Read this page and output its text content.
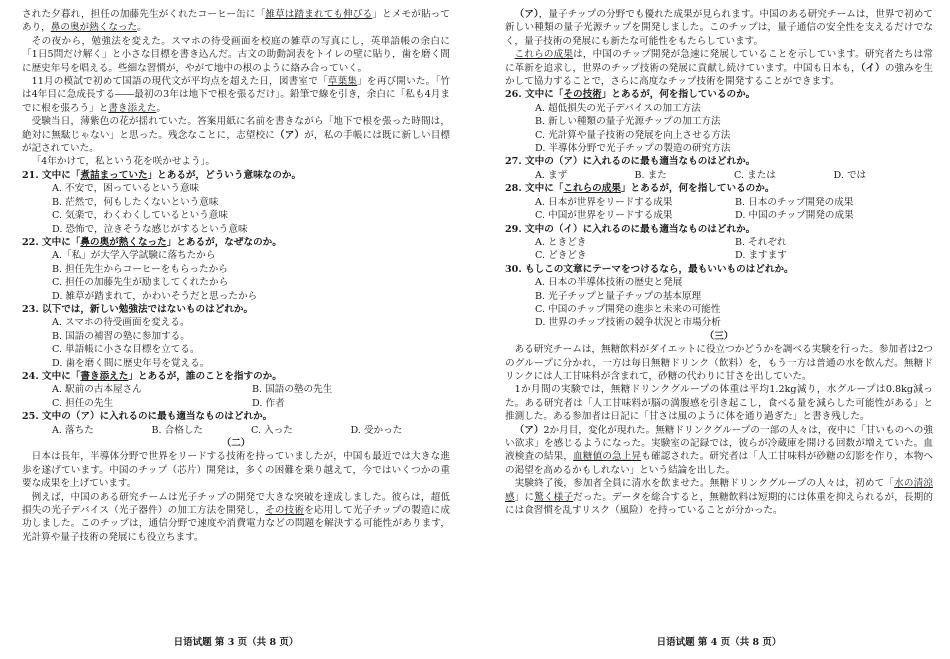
された夕暮れ，担任の加藤先生がくれたコーヒー缶に「雑草は踏まれても伸びる」とメモが貼ってあり，鼻の奥が熱くなった。

その夜から，勉強法を変えた。スマホの待受画面を校庭の雑草の写真にし，英単語帳の余白に「1日5問だけ解く」と小さな目標を書き込んだ。古文の助動詞表をトイレの壁に貼り，歯を磨く間に歴史年号を唱える。些細な習慣が，やがて地中の根のように絡み合っていく。

11月の模試で初めて国語の現代文が平均点を超えた日，図書室で「草葉集」を再び開いた。「竹は4年目に急成長する――最初の3年は地下で根を張るだけ」。鉛筆で線を引き，余白に「私も4月までに根を張ろう」と書き添えた。

受験当日，薄紫色の花が揺れていた。答案用紙に名前を書きながら「地下で根を張った時間は，絶対に無駄じゃない」と思った。残念なことに，志望校に（ア）が，私の手帳には既に新しい目標が記されていた。

「4年かけて，私という花を咲かせよう」。

21. 文中に「煮詰まっていた」とあるが，どういう意味なのか。
A. 不安で，困っているという意味
B. 茫然で，何もしたくないという意味
C. 気楽で，わくわくしているという意味
D. 恐怖で，泣きそうな感じがするという意味
22. 文中に「鼻の奥が熱くなった」とあるが，なぜなのか。
A.「私」が大学入学試験に落ちたから
B. 担任先生からコーヒーをもらったから
C. 担任の加藤先生が励ましてくれたから
D. 雑草が踏まれて，かわいそうだと思ったから
23. 以下では，新しい勉強法ではないものはどれか。
A. スマホの待受画面を変える。
B. 国語の補習の塾に参加する。
C. 単語帳に小さな目標を立てる。
D. 歯を磨く間に歴史年号を覚える。
24. 文中に「書き添えた」とあるが，誰のことを指すのか。
A. 駅前の古本屋さん	B. 国語の塾の先生
C. 担任の先生	D. 作者
25. 文中の（ア）に入れるのに最も適当なものはどれか。
A. 落ちた	B. 合格した	C. 入った	D. 受かった
（二）

日本は長年，半導体分野で世界をリードする技術を持っていましたが，中国も最近では大きな進歩を遂げています。中国のチップ（芯片）開発は，多くの困難を乗り越えて，今ではいくつかの重要な成果を上げています。

例えば，中国のある研究チームは光子チップの開発で大きな突破を達成しました。彼らは，超低損失の光子デバイス（光子器件）の加工方法を開発し，その技術を応用して光子チップの製造に成功しました。このチップは，通信分野で速度や消費電力などの問題を解決する可能性があります，光計算や量子技術の発展にも役立ちます。

（ア），量子チップの分野でも優れた成果が見られます。中国のある研究チームは，世界で初めて新しい種類の量子光源チップを開発しました。このチップは，量子通信の安全性を支えるだけでなく，量子技術の発展にも新たな可能性をもたらしています。

これらの成果は，中国のチップ開発が急速に発展していることを示しています。研究者たちは常に革新を追求し，世界のチップ技術の発展に貢献し続けています。中国も日本も，（イ）の強みを生かして協力することで，さらに高度なチップ技術を開発することができます。

26. 文中に「その技術」とあるが，何を指しているのか。
A. 超低損失の光子デバイスの加工方法
B. 新しい種類の量子光源チップの加工方法
C. 光計算や量子技術の発展を向上させる方法
D. 半導体分野で光子チップの製造の研究方法
27. 文中の（ア）に入れるのに最も適当なものはどれか。
A. まず	B. また	C. または	D. では
28. 文中に「これらの成果」とあるが，何を指しているのか。
A. 日本が世界をリードする成果	B. 日本のチップ開発の成果
C. 中国が世界をリードする成果	D. 中国のチップ開発の成果
29. 文中の（イ）に入れるのに最も適当なものはどれか。
A. ときどき	B. それぞれ
C. どきどき	D. ますます
30. もしこの文章にテーマをつけるなら，最もいいものはどれか。
A. 日本の半導体技術の歴史と発展
B. 光子チップと量子チップの基本原理
C. 中国のチップ開発の進歩と未来の可能性
D. 世界のチップ技術の競争状況と市場分析
（三）

ある研究チームは，無糖飲料がダイエットに役立つかどうかを調べる実験を行った。参加者は2つのグループに分かれ，一方は毎日無糖ドリンク（飲料）を，もう一方は普通の水を飲んだ。無糖ドリンクには人工甘味料が含まれて，砂糖の代わりに甘さを出していた。

1か月間の実験では，無糖ドリンクグループの体重は平均1.2kg減り，水グループは0.8kg減った。ある研究者は「人工甘味料が脳の満腹感を引き起こし，食べる量を減らした可能性がある」と推測した。ある参加者は日記に「甘さは風のように体を通り過ぎた」と書き残した。

（ア）2か月目，変化が現れた。無糖ドリンクグループの一部の人々は，夜中に「甘いものへの強い欲求」を感じるようになった。実験室の記録では，彼らが冷蔵庫を開ける回数が増えていた。血液検査の結果，血糖値の急上昇も確認された。研究者は「人工甘味料が砂糖の幻影を作り，本物への渇望を高めるかもしれない」という結論を出した。

実験終了後，参加者全員に清水を飲ませた。無糖ドリンクグループの人々は，初めて「水の清涼感」に驚く様子だった。データを総合すると，無糖飲料は短期的には体重を抑えられるが，長期的には食習慣を乱すリスク（風险）を持っていることが分かった。

日语试题 第 3 页（共 8 页）	日语试题 第 4 页（共 8 页）
